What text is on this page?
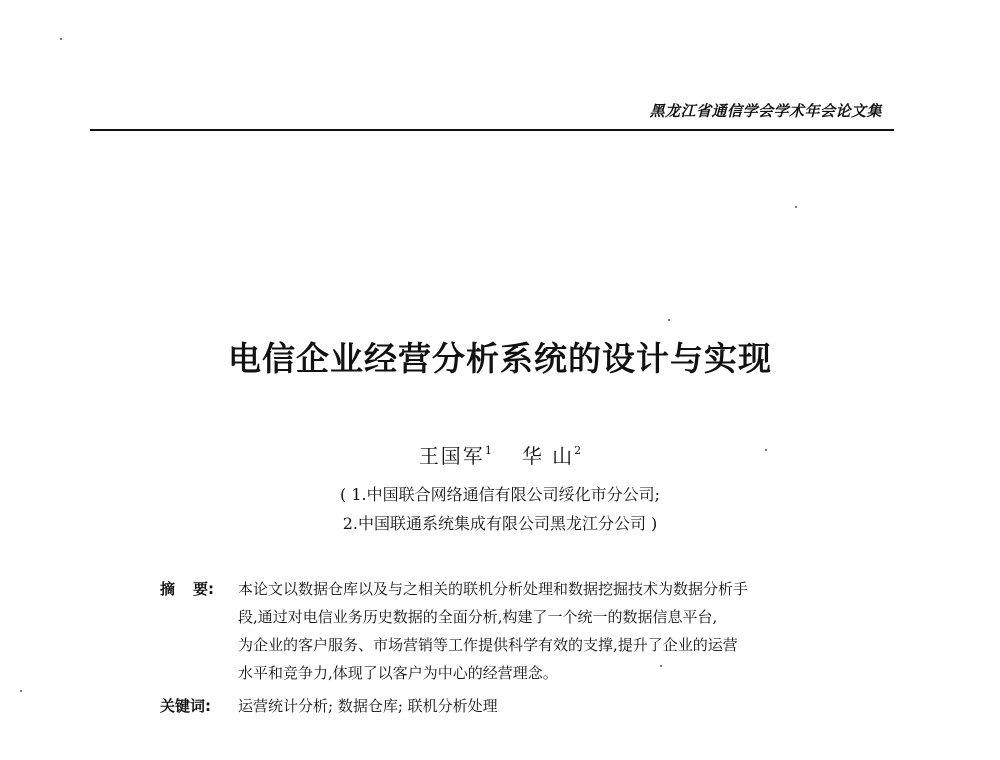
黑龙江省通信学会学术年会论文集
电信企业经营分析系统的设计与实现
王国军$^1$ 华 山$^2$
( 1.中国联合网络通信有限公司绥化市分公司;
2.中国联通系统集成有限公司黑龙江分公司 )
摘 要: 本论文以数据仓库以及与之相关的联机分析处理和数据挖掘技术为数据分析手
段,通过对电信业务历史数据的全面分析,构建了一个统一的数据信息平台,
为企业的客户服务、市场营销等工作提供科学有效的支撑,提升了企业的运营
水平和竞争力,体现了以客户为中心的经营理念。
关键词: 运营统计分析; 数据仓库; 联机分析处理
